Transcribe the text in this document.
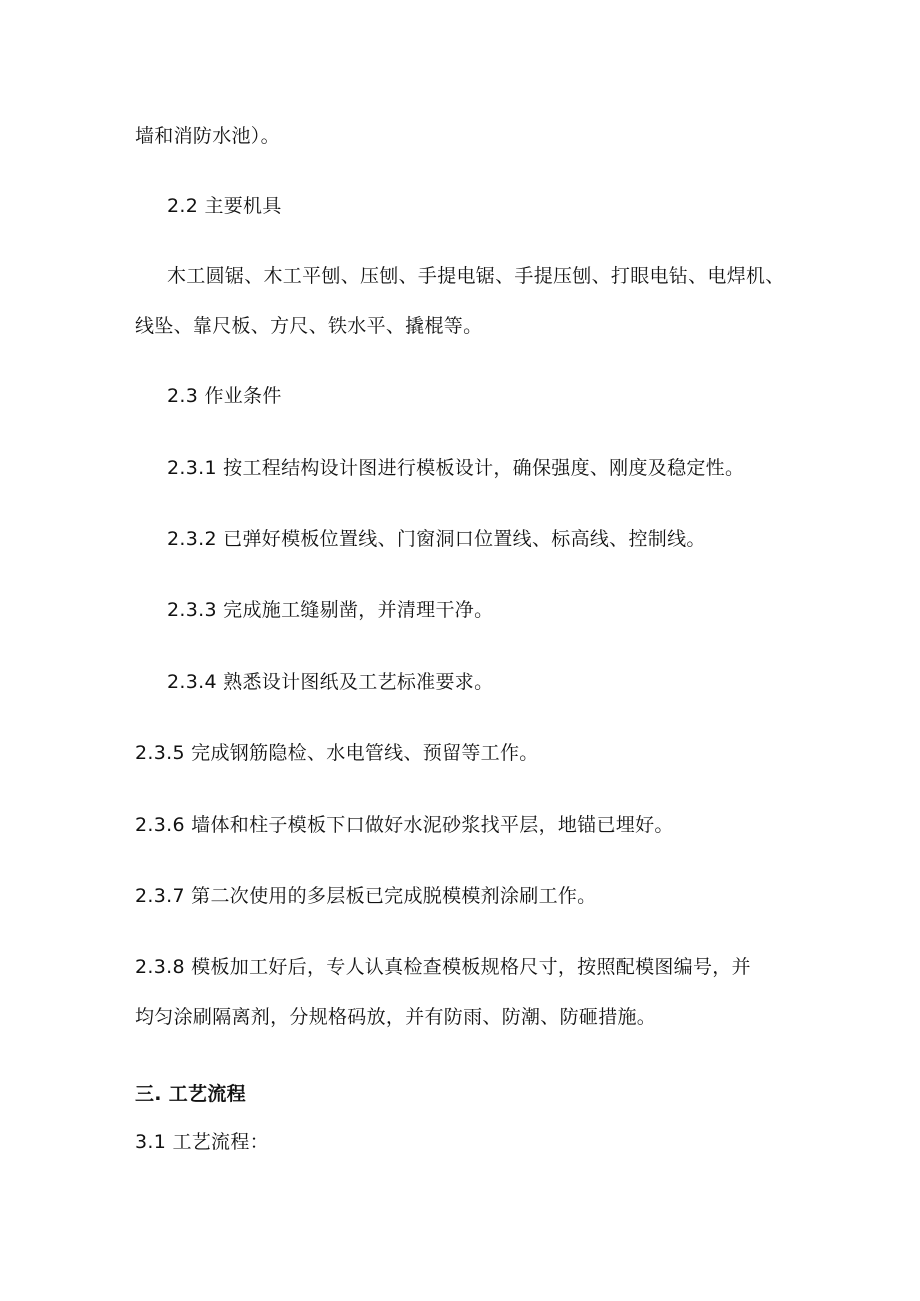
墙和消防水池）。
2.2 主要机具
木工圆锯、木工平刨、压刨、手提电锯、手提压刨、打眼电钻、电焊机、
线坠、靠尺板、方尺、铁水平、撬棍等。
2.3 作业条件
2.3.1 按工程结构设计图进行模板设计，确保强度、刚度及稳定性。
2.3.2 已弹好模板位置线、门窗洞口位置线、标高线、控制线。
2.3.3 完成施工缝剔凿，并清理干净。
2.3.4 熟悉设计图纸及工艺标准要求。
2.3.5 完成钢筋隐检、水电管线、预留等工作。
2.3.6 墙体和柱子模板下口做好水泥砂浆找平层，地锚已埋好。
2.3.7 第二次使用的多层板已完成脱模模剂涂刷工作。
2.3.8 模板加工好后，专人认真检查模板规格尺寸，按照配模图编号，并
均匀涂刷隔离剂，分规格码放，并有防雨、防潮、防砸措施。
三. 工艺流程
3.1 工艺流程：
